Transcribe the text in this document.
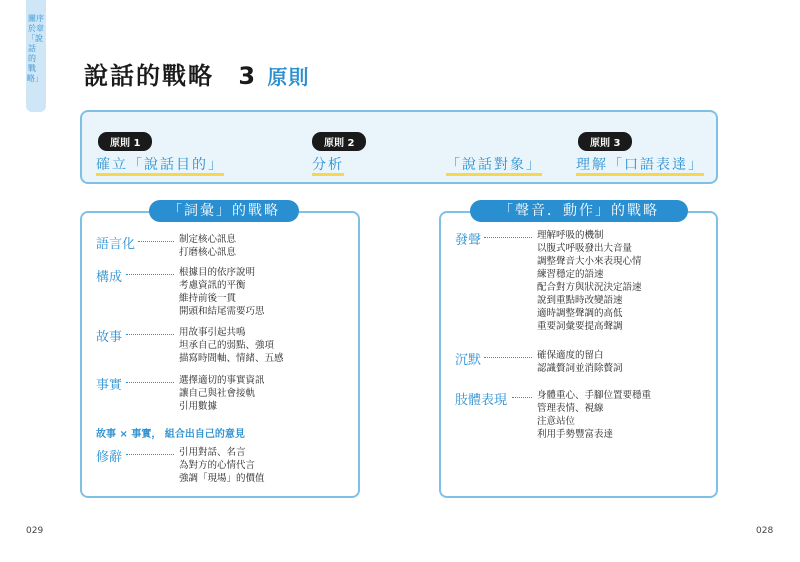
序章
關於「說話的戰略」 說話的戰略 3 原則
原則 1
確立「說話目的」
原則 2
分析	「說話對象」
原則 3
理解「口語表達」
「詞彙」的戰略
語言化	制定核心訊息
打磨核心訊息
構成	根據目的依序說明
考慮資訊的平衡
維持前後一貫
開頭和結尾需要巧思
故事	用故事引起共鳴
坦承自己的弱點、強項
描寫時間軸、情緒、五感
事實	選擇適切的事實資訊
讓自己與社會接軌
引用數據
故事 × 事實， 組合出自己的意見
修辭	引用對話、名言
為對方的心情代言
強調「現場」的價值
「聲音．動作」的戰略
發聲	理解呼吸的機制
以腹式呼吸發出大音量
調整聲音大小來表現心情
練習穩定的語速
配合對方與狀況決定語速
說到重點時改變語速
適時調整聲調的高低
重要詞彙要提高聲調
沉默	確保適度的留白
認識贅詞並消除贅詞
肢體表現	身體重心、手腳位置要穩重
管理表情、視線
注意站位
利用手勢豐富表達
029	028
